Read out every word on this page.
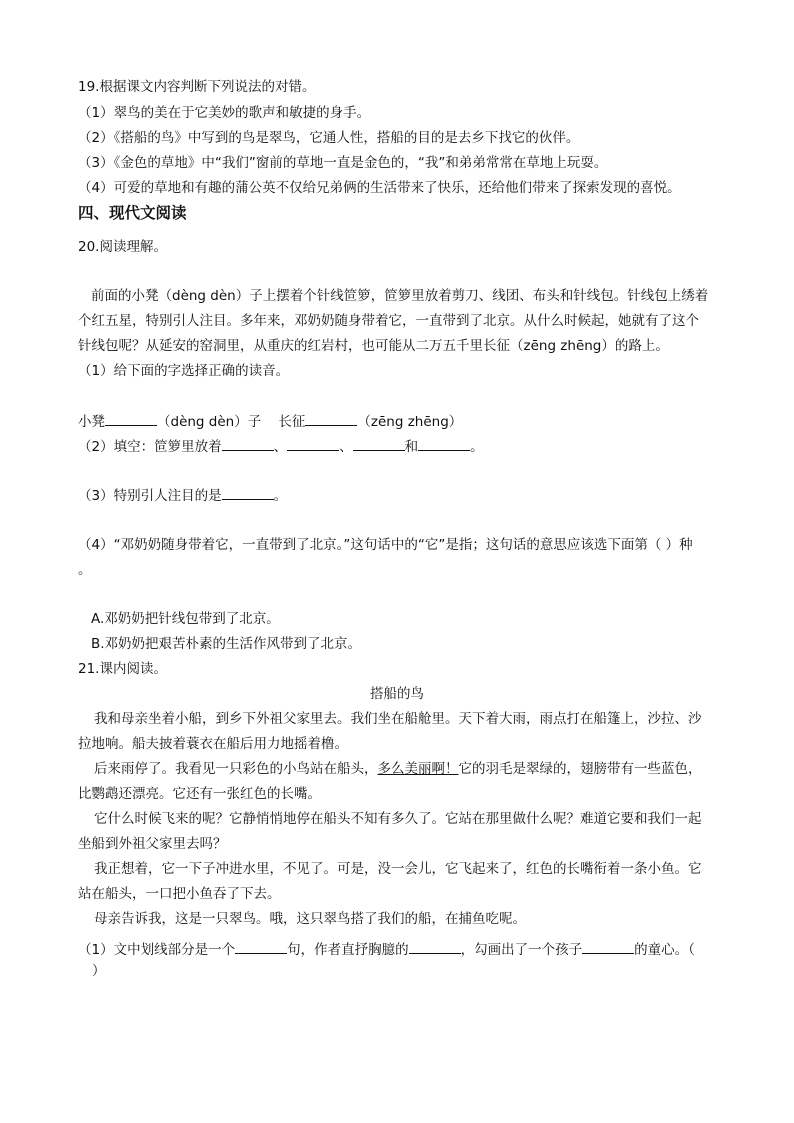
19.根据课文内容判断下列说法的对错。
（1）翠鸟的美在于它美妙的歌声和敏捷的身手。
（2）《搭船的鸟》中写到的鸟是翠鸟，它通人性，搭船的目的是去乡下找它的伙伴。
（3）《金色的草地》中“我们”窗前的草地一直是金色的，“我”和弟弟常常在草地上玩耍。
（4）可爱的草地和有趣的蒲公英不仅给兄弟俩的生活带来了快乐，还给他们带来了探索发现的喜悦。
四、现代文阅读
20.阅读理解。
前面的小凳（dèng dèn）子上摆着个针线笸箩，笸箩里放着剪刀、线团、布头和针线包。针线包上绣着
个红五星，特别引人注目。多年来，邓奶奶随身带着它，一直带到了北京。从什么时候起，她就有了这个
针线包呢？从延安的窑洞里，从重庆的红岩村，也可能从二万五千里长征（zēng zhēng）的路上。
（1）给下面的字选择正确的读音。
小凳	（dèng dèn）子 长征	（zēng zhēng）
（2）填空：笸箩里放着	、	、	和	。
（3）特别引人注目的是	。
（4）“邓奶奶随身带着它，一直带到了北京。”这句话中的“它”是指；这句话的意思应该选下面第（ ）种
。
A.邓奶奶把针线包带到了北京。
B.邓奶奶把艰苦朴素的生活作风带到了北京。
21.课内阅读。
搭船的鸟
我和母亲坐着小船，到乡下外祖父家里去。我们坐在船舱里。天下着大雨，雨点打在船篷上，沙拉、沙
拉地响。船夫披着蓑衣在船后用力地摇着橹。
后来雨停了。我看见一只彩色的小鸟站在船头，多么美丽啊！它的羽毛是翠绿的，翅膀带有一些蓝色，
比鹦鹉还漂亮。它还有一张红色的长嘴。
它什么时候飞来的呢？它静悄悄地停在船头不知有多久了。它站在那里做什么呢？难道它要和我们一起
坐船到外祖父家里去吗？
我正想着，它一下子冲进水里，不见了。可是，没一会儿，它飞起来了，红色的长嘴衔着一条小鱼。它
站在船头，一口把小鱼吞了下去。
母亲告诉我，这是一只翠鸟。哦，这只翠鸟搭了我们的船，在捕鱼吃呢。
（1）文中划线部分是一个	句，作者直抒胸臆的	，勾画出了一个孩子	的童心。（
）
